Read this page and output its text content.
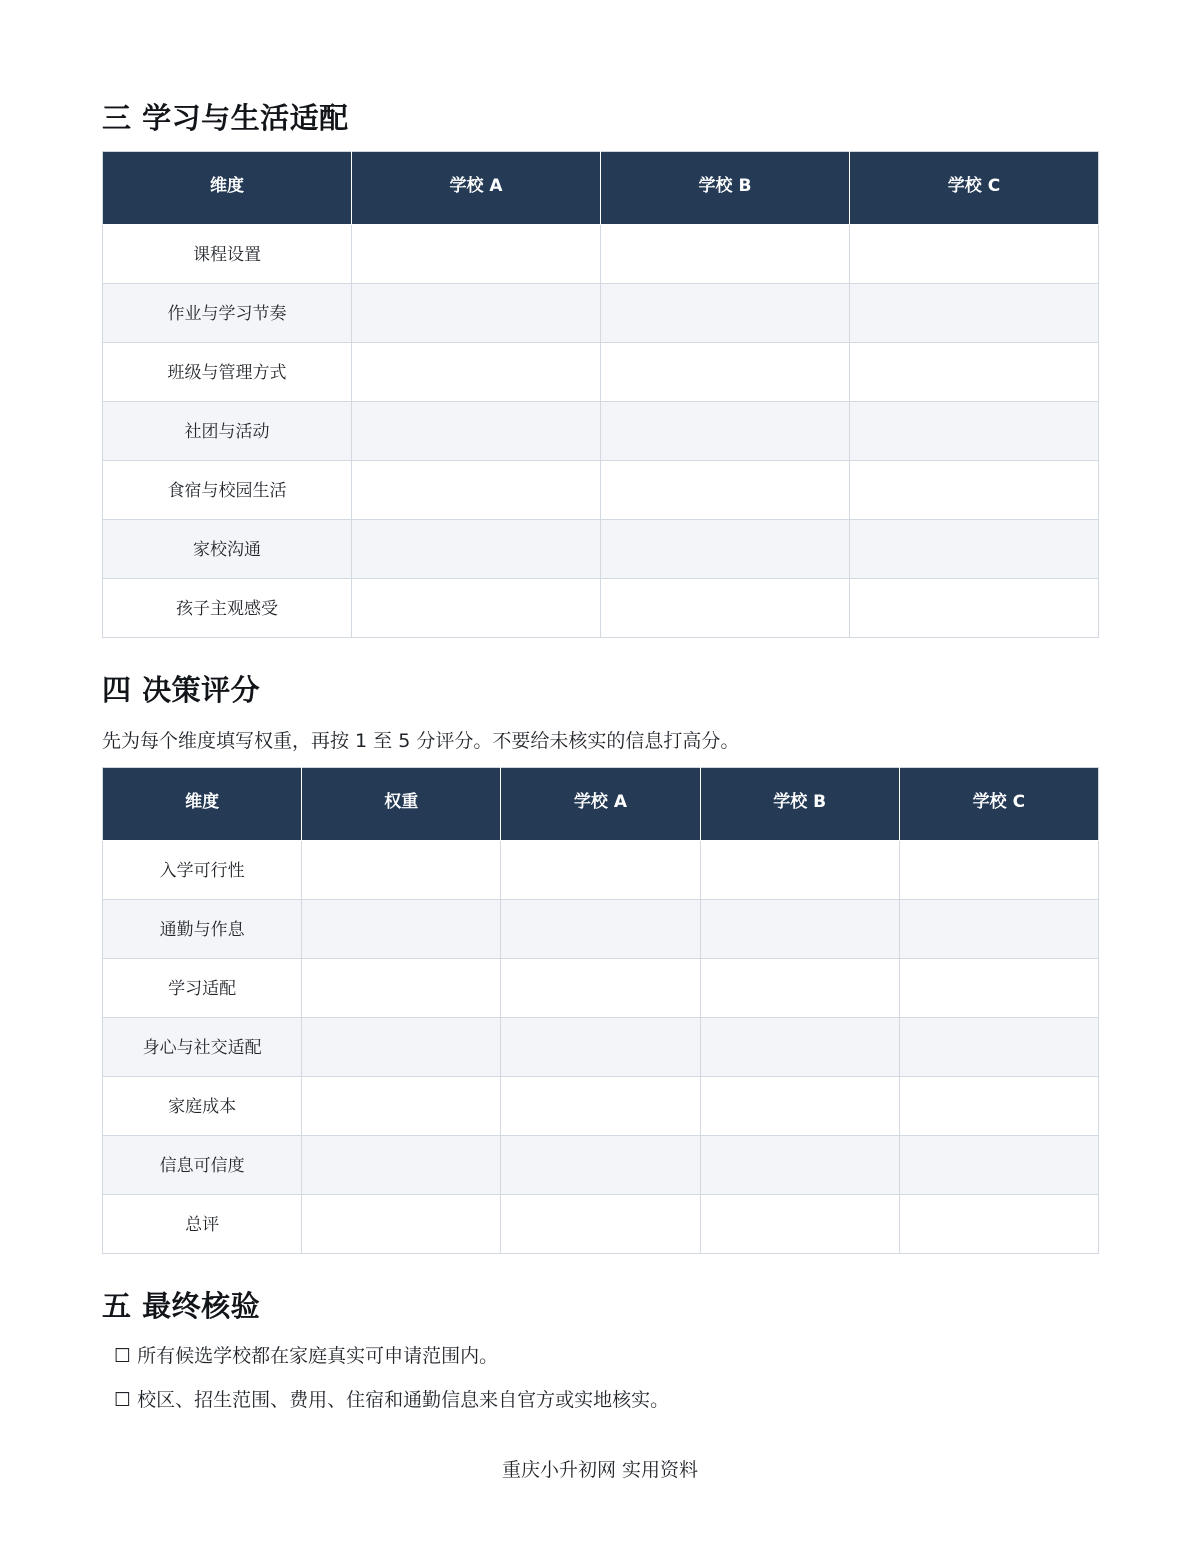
三 学习与生活适配
维度	学校 A	学校 B	学校 C
课程设置			
作业与学习节奏			
班级与管理方式			
社团与活动			
食宿与校园生活			
家校沟通			
孩子主观感受			
四 决策评分

先为每个维度填写权重，再按 1 至 5 分评分。不要给未核实的信息打高分。

维度	权重	学校 A	学校 B	学校 C
入学可行性				
通勤与作息				
学习适配				
身心与社交适配				
家庭成本				
信息可信度				
总评				
五 最终核验

☐ 所有候选学校都在家庭真实可申请范围内。

☐ 校区、招生范围、费用、住宿和通勤信息来自官方或实地核实。

重庆小升初网 实用资料
